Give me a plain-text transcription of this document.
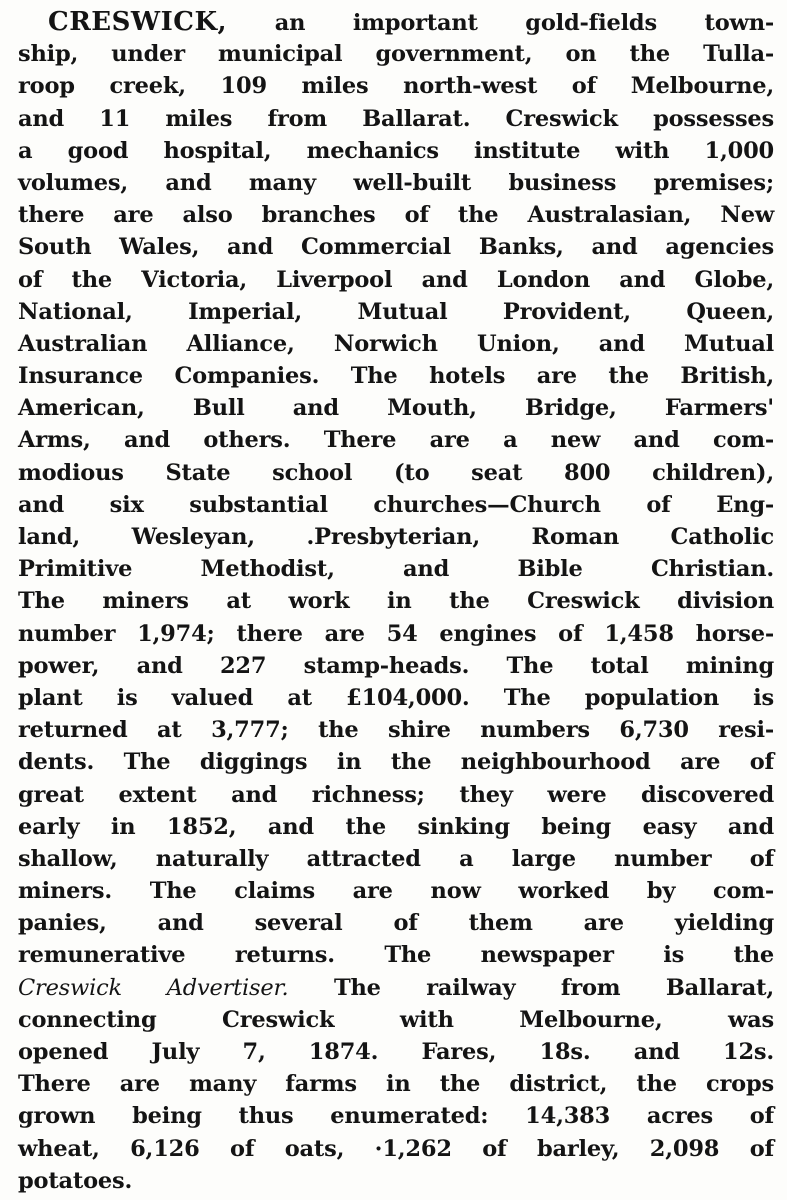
CRESWICK, an important gold-fields town-
ship, under municipal government, on the Tulla-
roop creek, 109 miles north-west of Melbourne,
and 11 miles from Ballarat. Creswick possesses
a good hospital, mechanics institute with 1,000
volumes, and many well-built business premises;
there are also branches of the Australasian, New
South Wales, and Commercial Banks, and agencies
of the Victoria, Liverpool and London and Globe,
National, Imperial, Mutual Provident, Queen,
Australian Alliance, Norwich Union, and Mutual
Insurance Companies. The hotels are the British,
American, Bull and Mouth, Bridge, Farmers'
Arms, and others. There are a new and com-
modious State school (to seat 800 children),
and six substantial churches—Church of Eng-
land, Wesleyan, .Presbyterian, Roman Catholic
Primitive Methodist, and Bible Christian.
The miners at work in the Creswick division
number 1,974; there are 54 engines of 1,458 horse-
power, and 227 stamp-heads. The total mining
plant is valued at £104,000. The population is
returned at 3,777; the shire numbers 6,730 resi-
dents. The diggings in the neighbourhood are of
great extent and richness; they were discovered
early in 1852, and the sinking being easy and
shallow, naturally attracted a large number of
miners. The claims are now worked by com-
panies, and several of them are yielding
remunerative returns. The newspaper is the
Creswick Advertiser. The railway from Ballarat,
connecting Creswick with Melbourne, was
opened July 7, 1874. Fares, 18s. and 12s.
There are many farms in the district, the crops
grown being thus enumerated: 14,383 acres of
wheat, 6,126 of oats, ·1,262 of barley, 2,098 of
potatoes.
